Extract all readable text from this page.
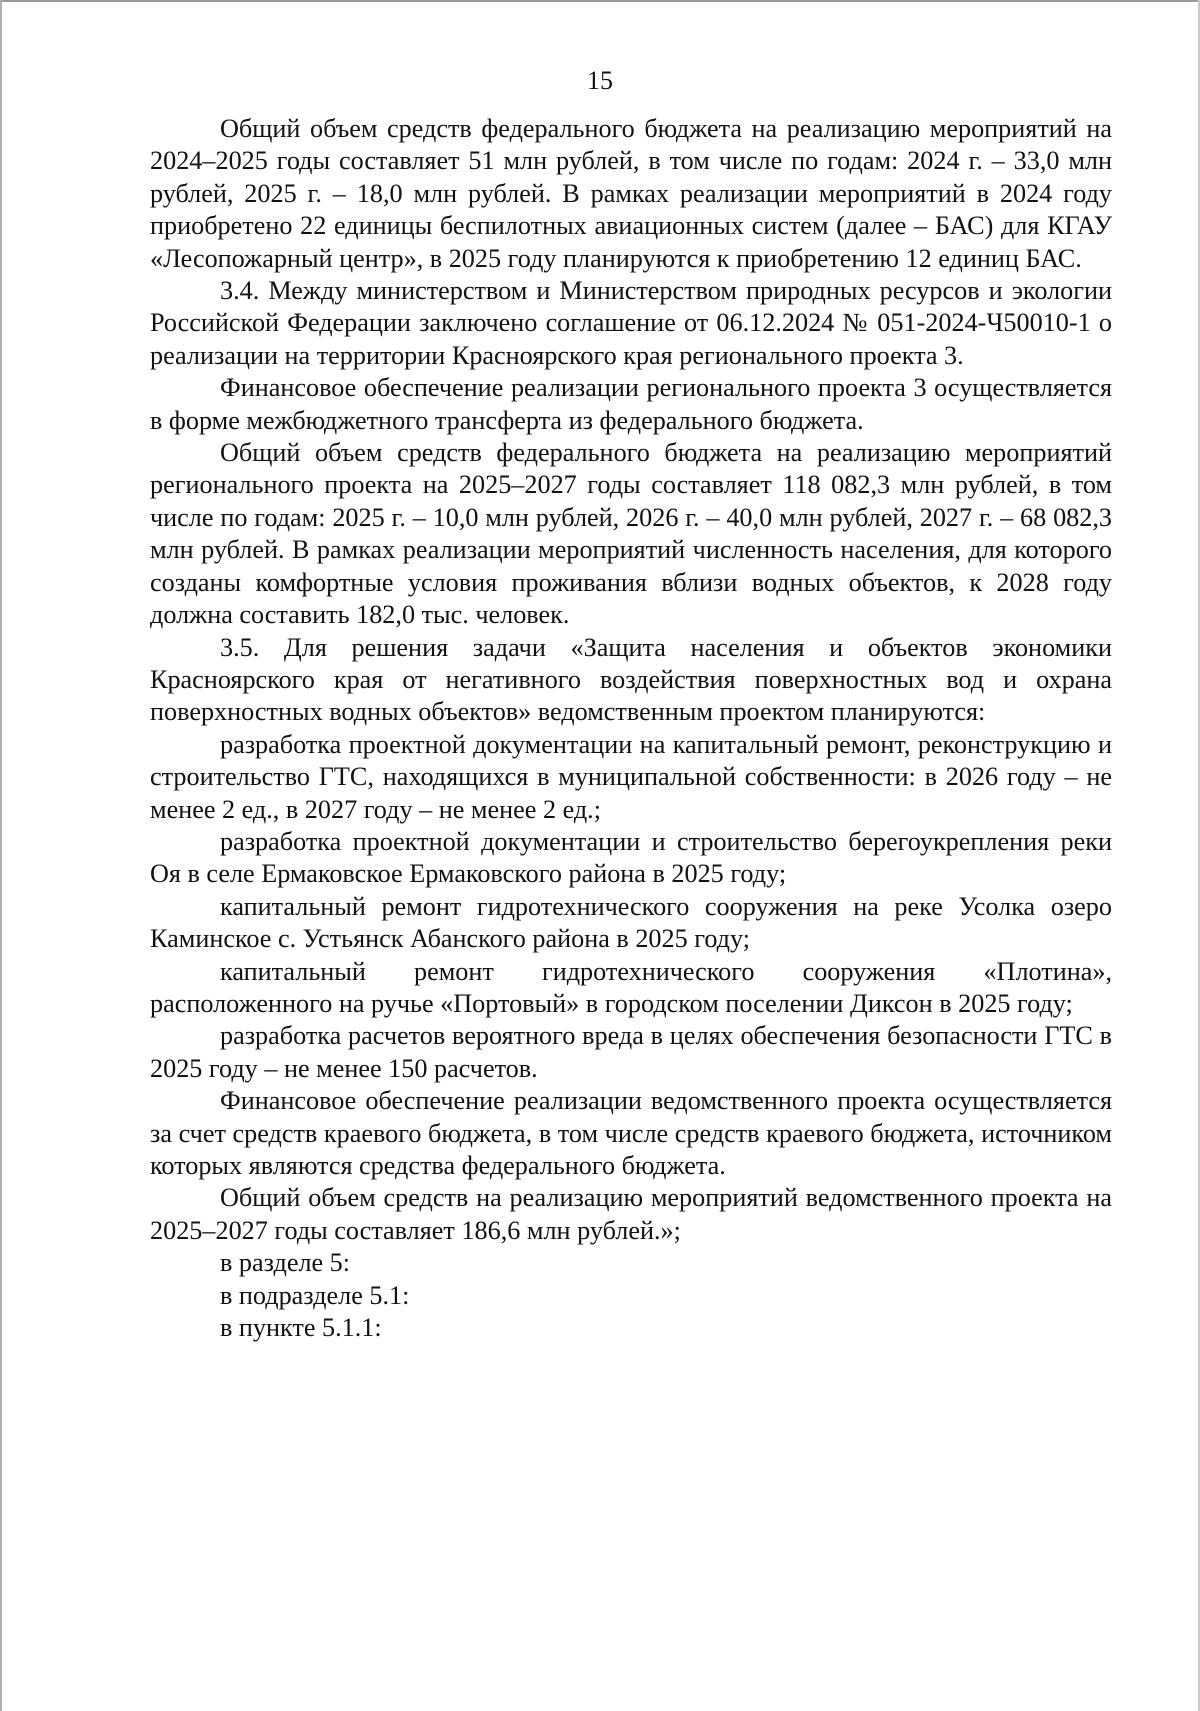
15

Общий объем средств федерального бюджета на реализацию мероприятий на 2024–2025 годы составляет 51 млн рублей, в том числе по годам: 2024 г. – 33,0 млн рублей, 2025 г. – 18,0 млн рублей. В рамках реализации мероприятий в 2024 году приобретено 22 единицы беспилотных авиационных систем (далее – БАС) для КГАУ «Лесопожарный центр», в 2025 году планируются к приобретению 12 единиц БАС.

3.4. Между министерством и Министерством природных ресурсов и экологии Российской Федерации заключено соглашение от 06.12.2024 № 051-2024-Ч50010-1 о реализации на территории Красноярского края регионального проекта 3.

Финансовое обеспечение реализации регионального проекта 3 осуществляется в форме межбюджетного трансферта из федерального бюджета.

Общий объем средств федерального бюджета на реализацию мероприятий регионального проекта на 2025–2027 годы составляет 118 082,3 млн рублей, в том числе по годам: 2025 г. – 10,0 млн рублей, 2026 г. – 40,0 млн рублей, 2027 г. – 68 082,3 млн рублей. В рамках реализации мероприятий численность населения, для которого созданы комфортные условия проживания вблизи водных объектов, к 2028 году должна составить 182,0 тыс. человек.

3.5. Для решения задачи «Защита населения и объектов экономики Красноярского края от негативного воздействия поверхностных вод и охрана поверхностных водных объектов» ведомственным проектом планируются:

разработка проектной документации на капитальный ремонт, реконструкцию и строительство ГТС, находящихся в муниципальной собственности: в 2026 году – не менее 2 ед., в 2027 году – не менее 2 ед.;

разработка проектной документации и строительство берегоукрепления реки Оя в селе Ермаковское Ермаковского района в 2025 году;

капитальный ремонт гидротехнического сооружения на реке Усолка озеро Каминское с. Устьянск Абанского района в 2025 году;

капитальный ремонт гидротехнического сооружения «Плотина», расположенного на ручье «Портовый» в городском поселении Диксон в 2025 году;

разработка расчетов вероятного вреда в целях обеспечения безопасности ГТС в 2025 году – не менее 150 расчетов.

Финансовое обеспечение реализации ведомственного проекта осуществляется за счет средств краевого бюджета, в том числе средств краевого бюджета, источником которых являются средства федерального бюджета.

Общий объем средств на реализацию мероприятий ведомственного проекта на 2025–2027 годы составляет 186,6 млн рублей.»;

в разделе 5:

в подразделе 5.1:

в пункте 5.1.1:
